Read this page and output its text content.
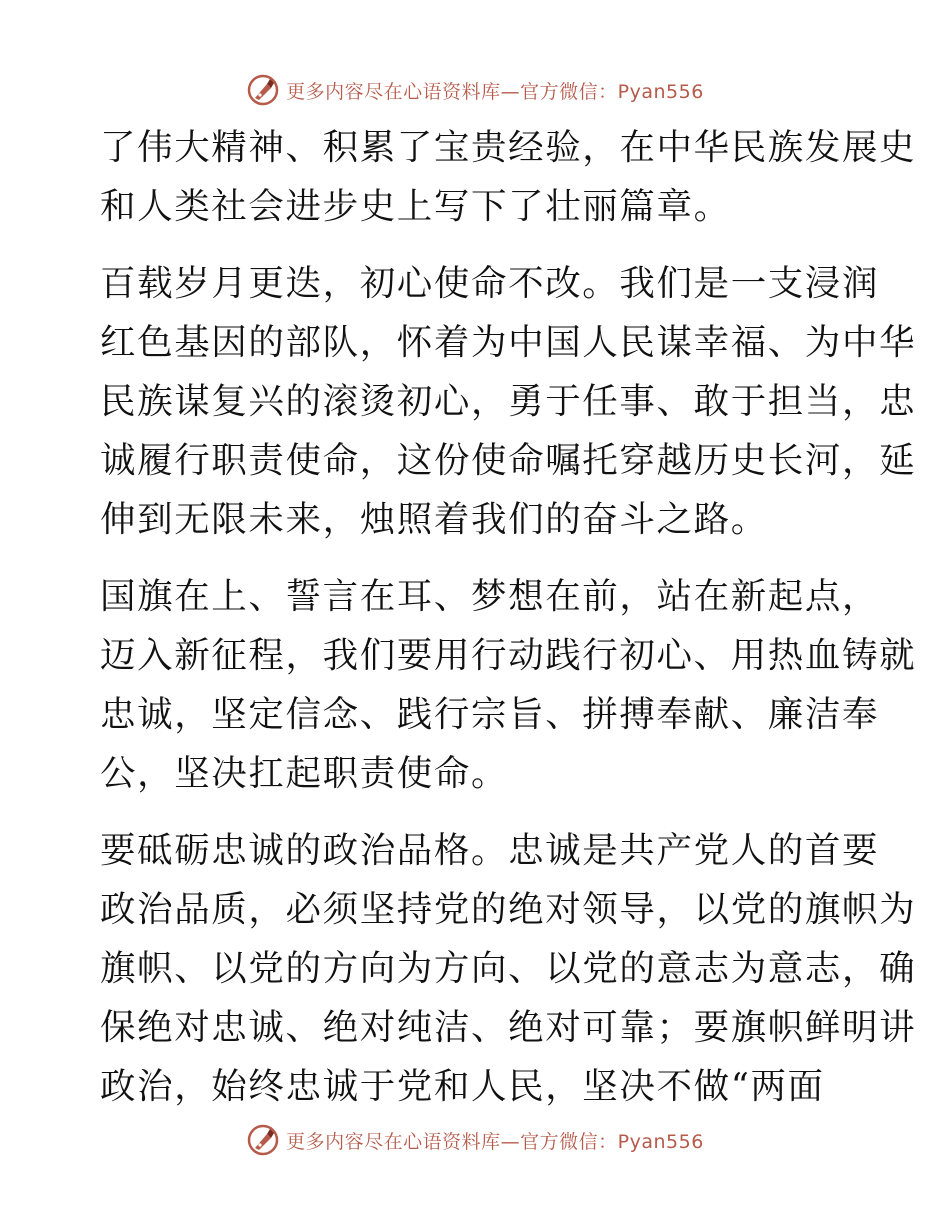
更多内容尽在心语资料库—官方微信：Pyan556

了伟大精神、积累了宝贵经验，在中华民族发展史
和人类社会进步史上写下了壮丽篇章。

百载岁月更迭，初心使命不改。我们是一支浸润
红色基因的部队，怀着为中国人民谋幸福、为中华
民族谋复兴的滚烫初心，勇于任事、敢于担当，忠
诚履行职责使命，这份使命嘱托穿越历史长河，延
伸到无限未来，烛照着我们的奋斗之路。

国旗在上、誓言在耳、梦想在前，站在新起点，
迈入新征程，我们要用行动践行初心、用热血铸就
忠诚，坚定信念、践行宗旨、拼搏奉献、廉洁奉
公，坚决扛起职责使命。

要砥砺忠诚的政治品格。忠诚是共产党人的首要
政治品质，必须坚持党的绝对领导，以党的旗帜为
旗帜、以党的方向为方向、以党的意志为意志，确
保绝对忠诚、绝对纯洁、绝对可靠；要旗帜鲜明讲
政治，始终忠诚于党和人民，坚决不做“两面

更多内容尽在心语资料库—官方微信：Pyan556
